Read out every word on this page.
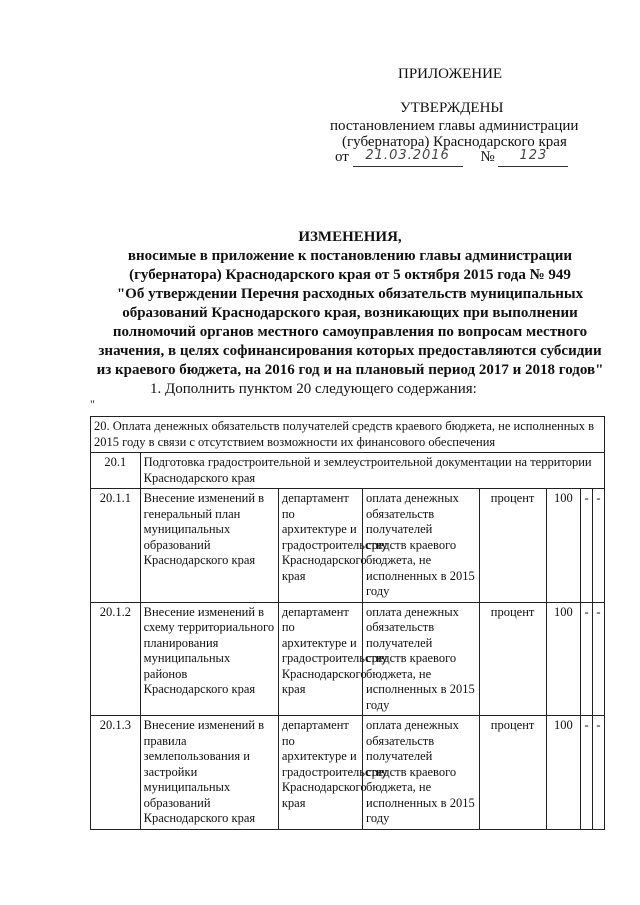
ПРИЛОЖЕНИЕ
УТВЕРЖДЕНЫ
постановлением главы администрации
(губернатора) Краснодарского края
от 21.03.2016 № 123
ИЗМЕНЕНИЯ,
вносимые в приложение к постановлению главы администрации
(губернатора) Краснодарского края от 5 октября 2015 года № 949
"Об утверждении Перечня расходных обязательств муниципальных
образований Краснодарского края, возникающих при выполнении
полномочий органов местного самоуправления по вопросам местного
значения, в целях софинансирования которых предоставляются субсидии
из краевого бюджета, на 2016 год и на плановый период 2017 и 2018 годов"
1. Дополнить пунктом 20 следующего содержания:
"
20. Оплата денежных обязательств получателей средств краевого бюджета, не исполненных в 2015 году в связи с отсутствием возможности их финансового обеспечения							
20.1	Подготовка градостроительной и землеустроительной документации на территории Краснодарского края						
20.1.1	Внесение изменений в генеральный план муниципальных образований Краснодарского края	департамент по архитектуре и градостроительству Краснодарского края	оплата денежных обязательств получателей средств краевого бюджета, не исполненных в 2015 году	процент	100	-	-
20.1.2	Внесение изменений в схему территориального планирования муниципальных районов Краснодарского края	департамент по архитектуре и градостроительству Краснодарского края	оплата денежных обязательств получателей средств краевого бюджета, не исполненных в 2015 году	процент	100	-	-
20.1.3	Внесение изменений в правила землепользования и застройки муниципальных образований Краснодарского края	департамент по архитектуре и градостроительству Краснодарского края	оплата денежных обязательств получателей средств краевого бюджета, не исполненных в 2015 году	процент	100	-	-
